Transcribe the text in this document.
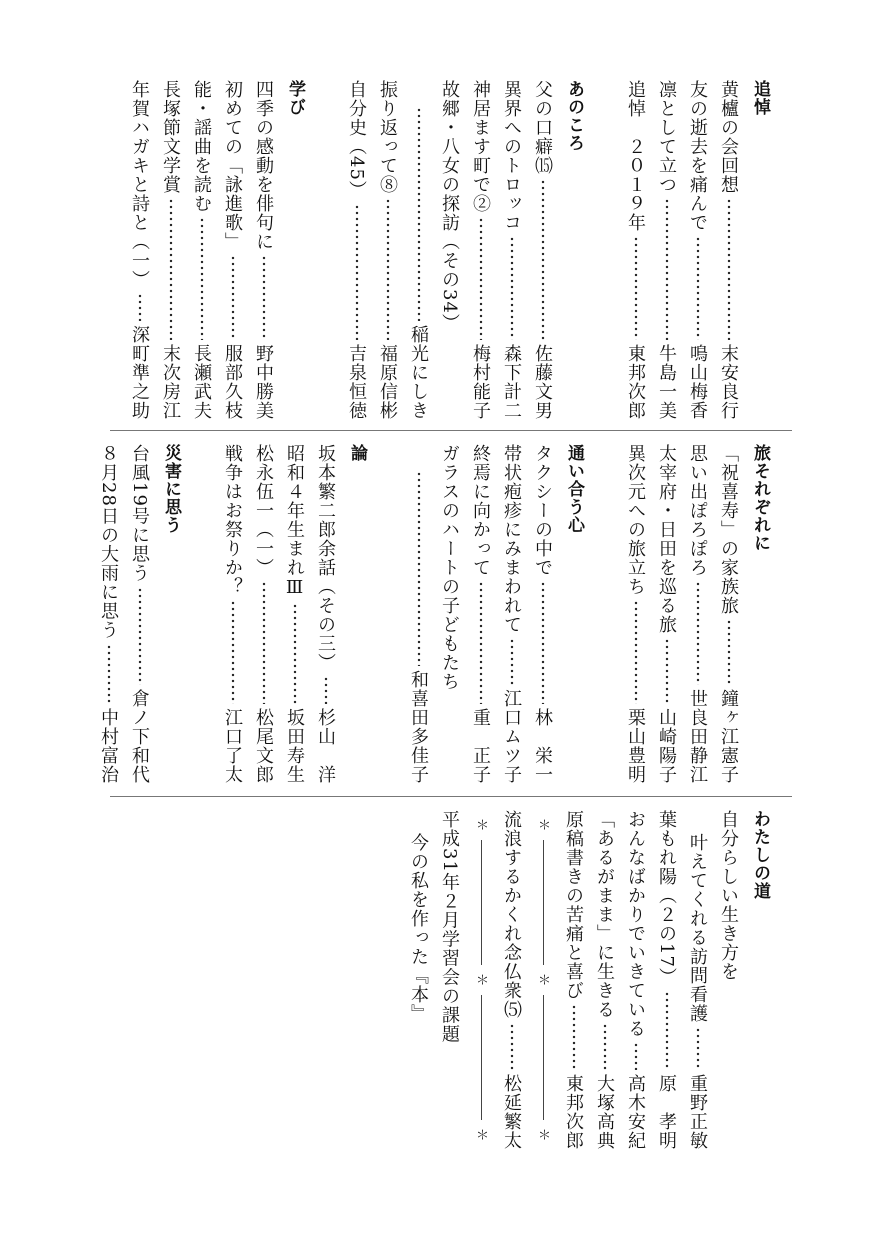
追悼
黄櫨の会回想
末安良行
友の逝去を痛んで
鳴山梅香
凛として立つ
牛島一美
追悼　２０１９年
東邦次郎
あのころ
父の口癖⒂
佐藤文男
異界へのトロッコ
森下計二
神居ます町で②
梅村能子
故郷・八女の探訪（その34）
稲光にしき
振り返って⑧
福原信彬
自分史（45）
吉泉恒徳
学び
四季の感動を俳句に
野中勝美
初めての「詠進歌」
服部久枝
能・謡曲を読む
長瀬武夫
長塚節文学賞
末次房江
年賀ハガキと詩と（一）
深町準之助
旅それぞれに
「祝喜寿」の家族旅
鐘ヶ江憲子
思い出ぽろぽろ
世良田静江
太宰府・日田を巡る旅
山崎陽子
異次元への旅立ち
栗山豊明
通い合う心
タクシーの中で
林　栄一
帯状疱疹にみまわれて
江口ムツ子
終焉に向かって
重　正子
ガラスのハートの子どもたち
和喜田多佳子
論
坂本繁二郎余話（その三）
杉山　洋
昭和４年生まれⅢ
坂田寿生
松永伍一（一）
松尾文郎
戦争はお祭りか？
江口了太
災害に思う
台風19号に思う
倉ノ下和代
８月28日の大雨に思う
中村富治
わたしの道
自分らしい生き方を
叶えてくれる訪問看護
重野正敏
葉もれ陽（２の17）
原　孝明
おんなばかりでいきている
高木安紀
「あるがまま」に生きる
大塚高典
原稿書きの苦痛と喜び
東邦次郎
＊
＊
＊
流浪するかくれ念仏衆⑸
松延繁太
＊
＊
＊
平成31年２月学習会の課題
今の私を作った『本』
